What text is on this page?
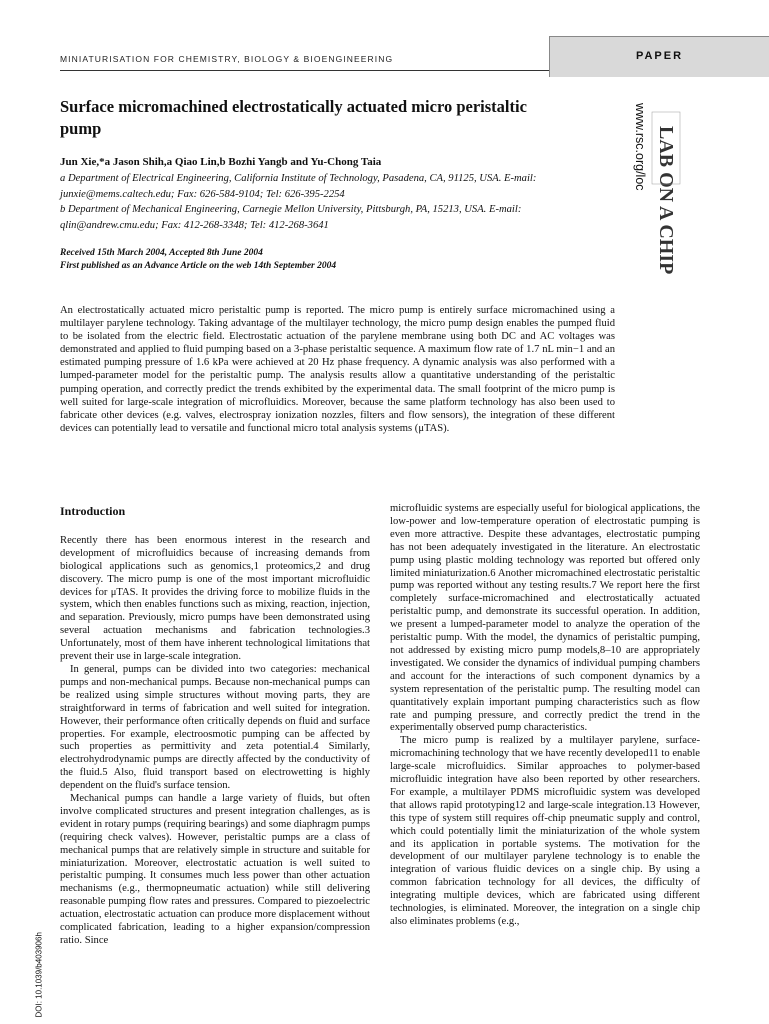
MINIATURISATION FOR CHEMISTRY, BIOLOGY & BIOENGINEERING	PAPER
www.rsc.org/loc LAB ON A CHIP
Surface micromachined electrostatically actuated micro peristaltic pump
Jun Xie,*a Jason Shih,a Qiao Lin,b Bozhi Yangb and Yu-Chong Taia
a Department of Electrical Engineering, California Institute of Technology, Pasadena, CA, 91125, USA. E-mail: junxie@mems.caltech.edu; Fax: 626-584-9104; Tel: 626-395-2254
b Department of Mechanical Engineering, Carnegie Mellon University, Pittsburgh, PA, 15213, USA. E-mail: qlin@andrew.cmu.edu; Fax: 412-268-3348; Tel: 412-268-3641
Received 15th March 2004, Accepted 8th June 2004
First published as an Advance Article on the web 14th September 2004

An electrostatically actuated micro peristaltic pump is reported. The micro pump is entirely surface micromachined using a multilayer parylene technology. Taking advantage of the multilayer technology, the micro pump design enables the pumped fluid to be isolated from the electric field. Electrostatic actuation of the parylene membrane using both DC and AC voltages was demonstrated and applied to fluid pumping based on a 3-phase peristaltic sequence. A maximum flow rate of 1.7 nL min−1 and an estimated pumping pressure of 1.6 kPa were achieved at 20 Hz phase frequency. A dynamic analysis was also performed with a lumped-parameter model for the peristaltic pump. The analysis results allow a quantitative understanding of the peristaltic pumping operation, and correctly predict the trends exhibited by the experimental data. The small footprint of the micro pump is well suited for large-scale integration of microfluidics. Moreover, because the same platform technology has also been used to fabricate other devices (e.g. valves, electrospray ionization nozzles, filters and flow sensors), the integration of these different devices can potentially lead to versatile and functional micro total analysis systems (μTAS).

Introduction

Recently there has been enormous interest in the research and development of microfluidics because of increasing demands from biological applications such as genomics,1 proteomics,2 and drug discovery. The micro pump is one of the most important microfluidic devices for μTAS. It provides the driving force to mobilize fluids in the system, which then enables functions such as mixing, reaction, injection, and separation. Previously, micro pumps have been demonstrated using several actuation mechanisms and fabrication technologies.3 Unfortunately, most of them have inherent technological limitations that prevent their use in large-scale integration.

In general, pumps can be divided into two categories: mechanical pumps and non-mechanical pumps. Because non-mechanical pumps can be realized using simple structures without moving parts, they are straightforward in terms of fabrication and well suited for integration. However, their performance often critically depends on fluid and surface properties. For example, electroosmotic pumping can be affected by such properties as permittivity and zeta potential.4 Similarly, electrohydrodynamic pumps are directly affected by the conductivity of the fluid.5 Also, fluid transport based on electrowetting is highly dependent on the fluid's surface tension.

Mechanical pumps can handle a large variety of fluids, but often involve complicated structures and present integration challenges, as is evident in rotary pumps (requiring bearings) and some diaphragm pumps (requiring check valves). However, peristaltic pumps are a class of mechanical pumps that are relatively simple in structure and suitable for miniaturization. Moreover, electrostatic actuation is well suited to peristaltic pumping. It consumes much less power than other actuation mechanisms (e.g., thermopneumatic actuation) while still delivering reasonable pumping flow rates and pressures. Compared to piezoelectric actuation, electrostatic actuation can produce more displacement without complicated fabrication, leading to a higher expansion/compression ratio. Since

microfluidic systems are especially useful for biological applications, the low-power and low-temperature operation of electrostatic pumping is even more attractive. Despite these advantages, electrostatic pumping has not been adequately investigated in the literature. An electrostatic pump using plastic molding technology was reported but offered only limited miniaturization.6 Another micromachined electrostatic peristaltic pump was reported without any testing results.7 We report here the first completely surface-micromachined and electrostatically actuated peristaltic pump, and demonstrate its successful operation. In addition, we present a lumped-parameter model to analyze the operation of the peristaltic pump. With the model, the dynamics of peristaltic pumping, not addressed by existing micro pump models,8–10 are appropriately investigated. We consider the dynamics of individual pumping chambers and account for the interactions of such component dynamics by a system representation of the peristaltic pump. The resulting model can quantitatively explain important pumping characteristics such as flow rate and pumping pressure, and correctly predict the trend in the experimentally observed pump characteristics.

The micro pump is realized by a multilayer parylene, surface-micromachining technology that we have recently developed11 to enable large-scale microfluidics. Similar approaches to polymer-based microfluidic integration have also been reported by other researchers. For example, a multilayer PDMS microfluidic system was developed that allows rapid prototyping12 and large-scale integration.13 However, this type of system still requires off-chip pneumatic supply and control, which could potentially limit the miniaturization of the whole system and its application in portable systems. The motivation for the development of our multilayer parylene technology is to enable the integration of various fluidic devices on a single chip. By using a common fabrication technology for all devices, the difficulty of integrating multiple devices, which are fabricated using different technologies, is eliminated. Moreover, the integration on a single chip also eliminates problems (e.g.,

DOI: 10.1039/b403906h
